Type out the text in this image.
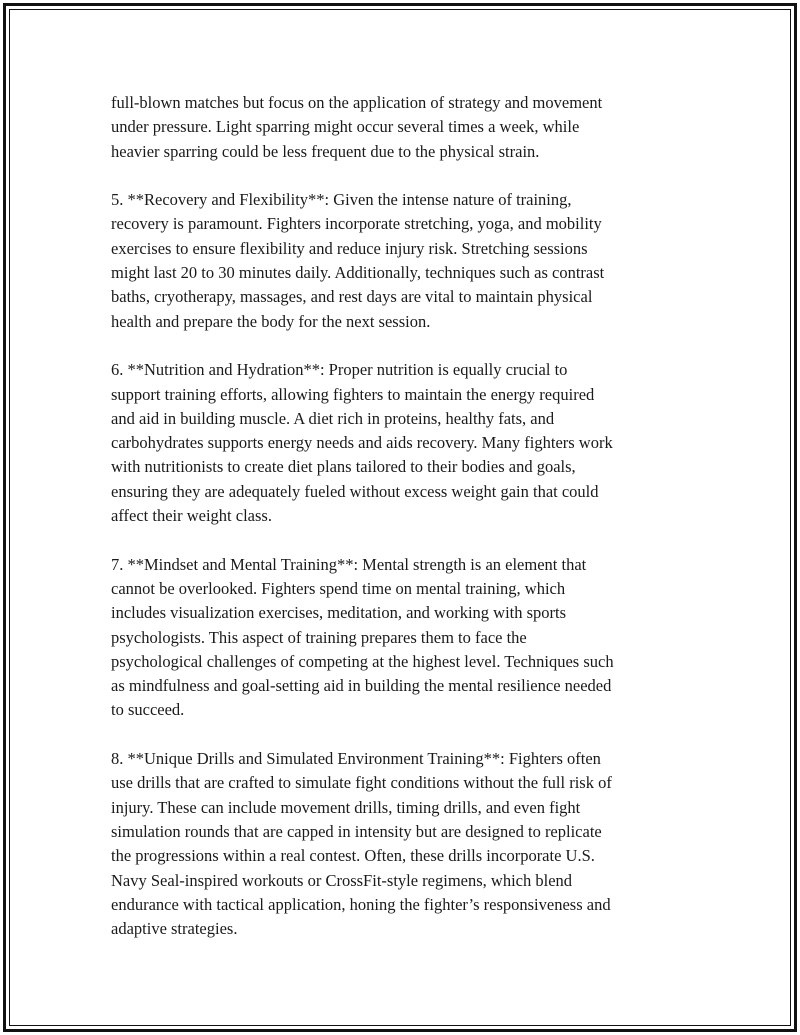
full-blown matches but focus on the application of strategy and movement
under pressure. Light sparring might occur several times a week, while
heavier sparring could be less frequent due to the physical strain.

5. **Recovery and Flexibility**: Given the intense nature of training,
recovery is paramount. Fighters incorporate stretching, yoga, and mobility
exercises to ensure flexibility and reduce injury risk. Stretching sessions
might last 20 to 30 minutes daily. Additionally, techniques such as contrast
baths, cryotherapy, massages, and rest days are vital to maintain physical
health and prepare the body for the next session.

6. **Nutrition and Hydration**: Proper nutrition is equally crucial to
support training efforts, allowing fighters to maintain the energy required
and aid in building muscle. A diet rich in proteins, healthy fats, and
carbohydrates supports energy needs and aids recovery. Many fighters work
with nutritionists to create diet plans tailored to their bodies and goals,
ensuring they are adequately fueled without excess weight gain that could
affect their weight class.

7. **Mindset and Mental Training**: Mental strength is an element that
cannot be overlooked. Fighters spend time on mental training, which
includes visualization exercises, meditation, and working with sports
psychologists. This aspect of training prepares them to face the
psychological challenges of competing at the highest level. Techniques such
as mindfulness and goal-setting aid in building the mental resilience needed
to succeed.

8. **Unique Drills and Simulated Environment Training**: Fighters often
use drills that are crafted to simulate fight conditions without the full risk of
injury. These can include movement drills, timing drills, and even fight
simulation rounds that are capped in intensity but are designed to replicate
the progressions within a real contest. Often, these drills incorporate U.S.
Navy Seal-inspired workouts or CrossFit-style regimens, which blend
endurance with tactical application, honing the fighter’s responsiveness and
adaptive strategies.
